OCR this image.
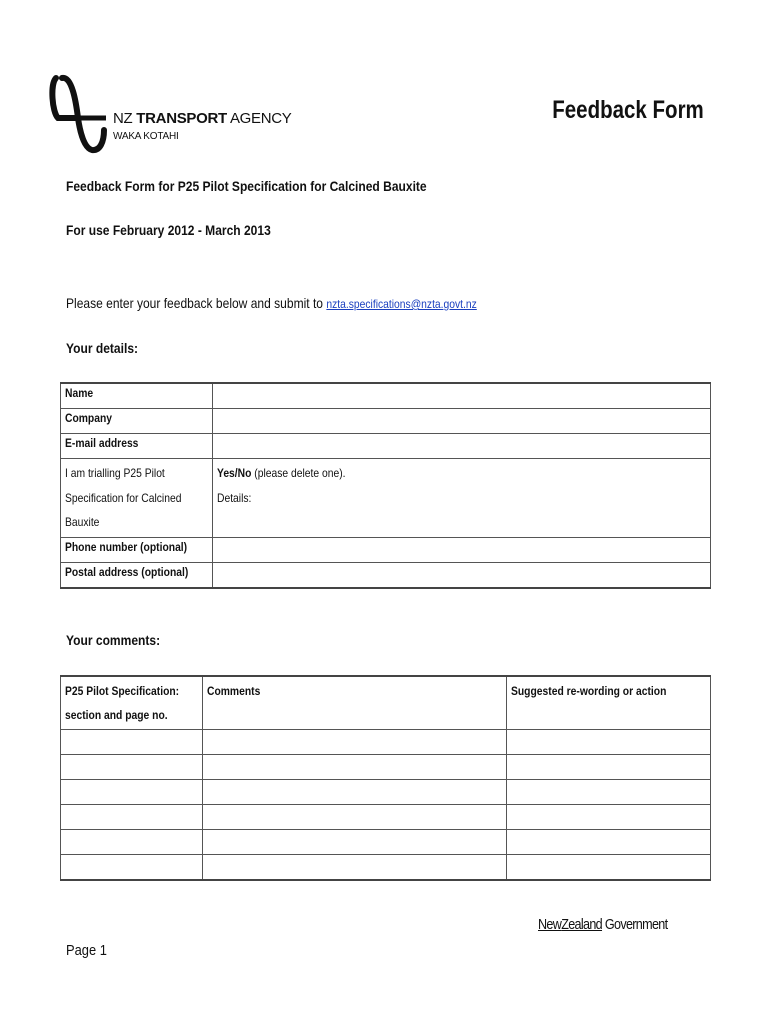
NZ TRANSPORT AGENCY
WAKA KOTAHI
Feedback Form
Feedback Form for P25 Pilot Specification for Calcined Bauxite
For use February 2012 - March 2013
Please enter your feedback below and submit to nzta.specifications@nzta.govt.nz
Your details:
Name	
Company	
E-mail address	
I am trialling P25 Pilot
Specification for Calcined
Bauxite	Yes/No (please delete one).
Details:
Phone number (optional)	
Postal address (optional)	
Your comments:
P25 Pilot Specification:
section and page no.	Comments	Suggested re-wording or action

NewZealand Government
Page 1
